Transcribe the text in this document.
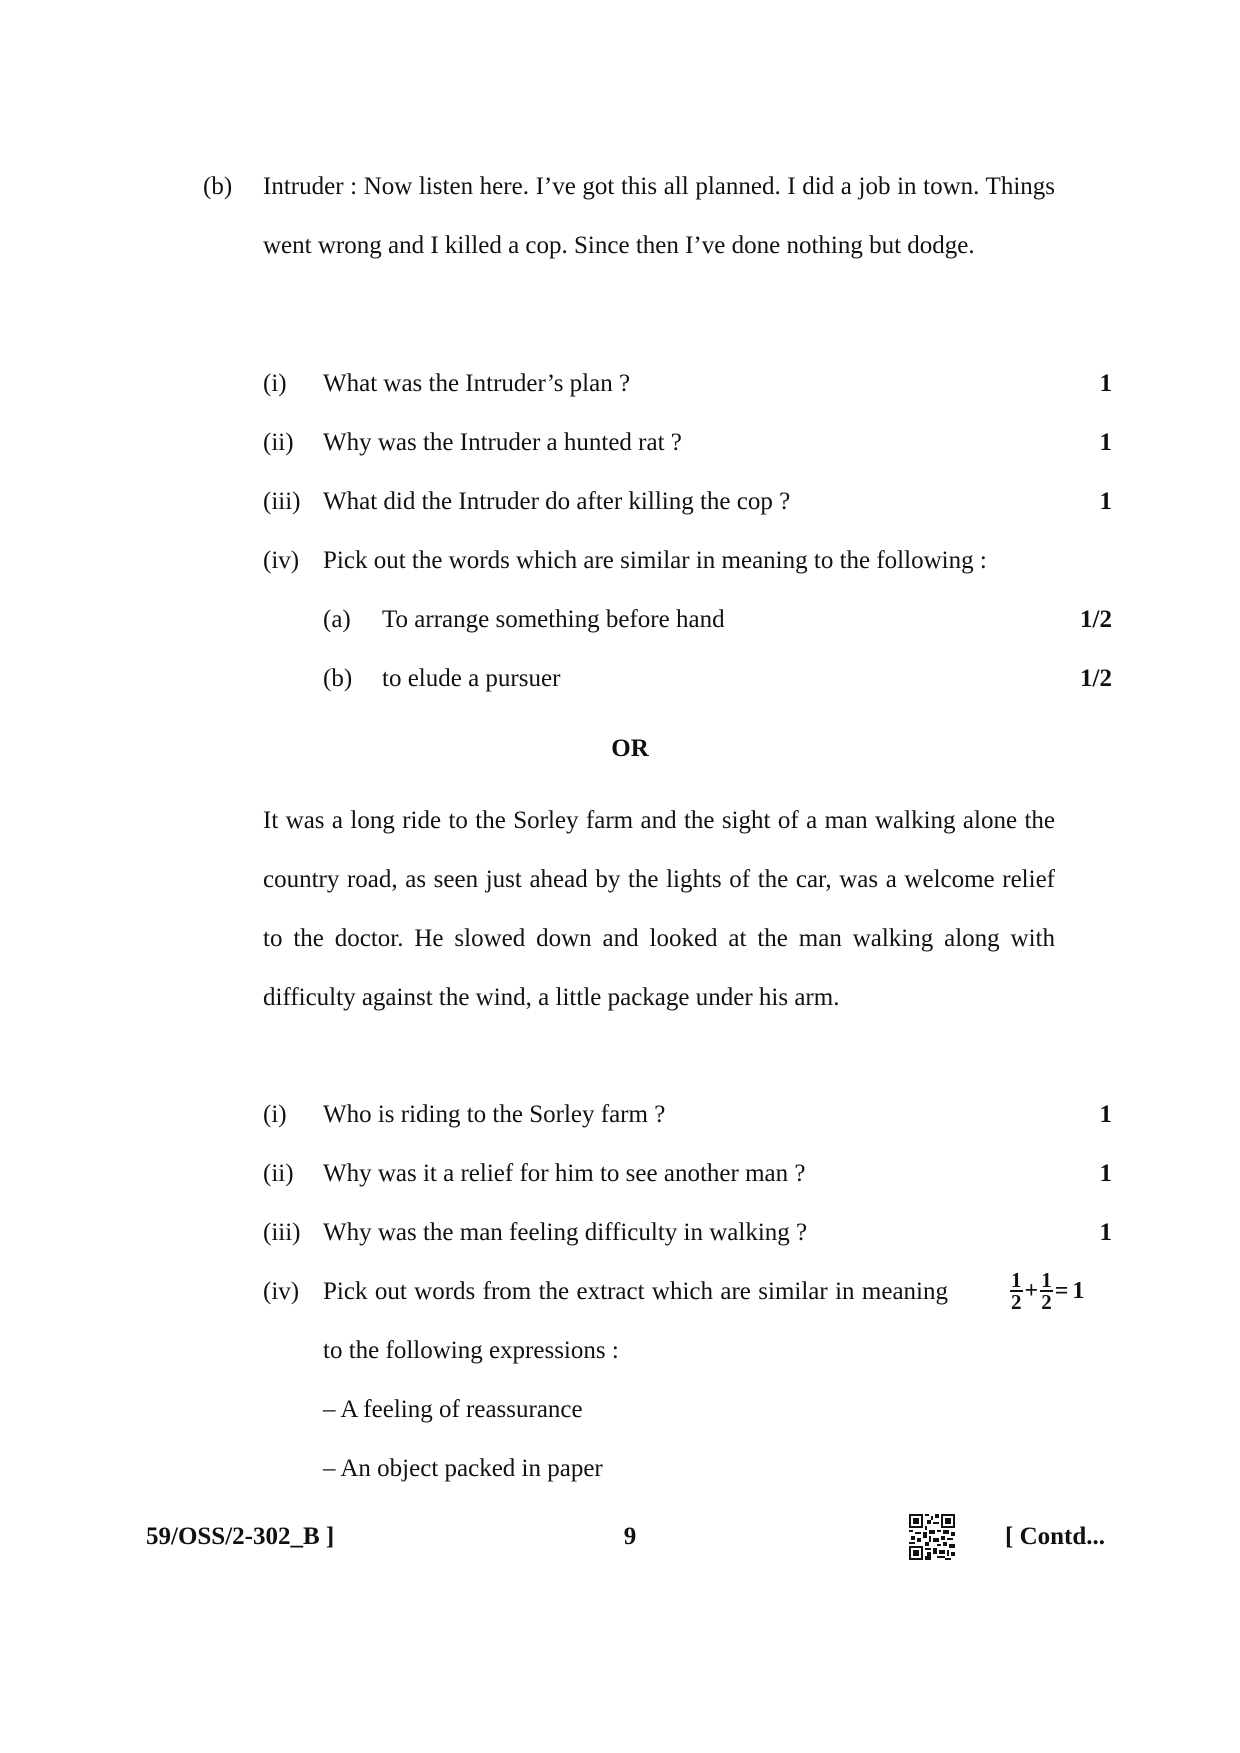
(b) Intruder : Now listen here. I’ve got this all planned. I did a job in town. Things went wrong and I killed a cop. Since then I’ve done nothing but dodge.
(i) What was the Intruder’s plan ?	1
(ii) Why was the Intruder a hunted rat ?	1
(iii) What did the Intruder do after killing the cop ?	1
(iv) Pick out the words which are similar in meaning to the following :
(a) To arrange something before hand	1/2
(b) to elude a pursuer	1/2
OR
It was a long ride to the Sorley farm and the sight of a man walking alone the country road, as seen just ahead by the lights of the car, was a welcome relief to the doctor. He slowed down and looked at the man walking along with difficulty against the wind, a little package under his arm.
(i) Who is riding to the Sorley farm ?	1
(ii) Why was it a relief for him to see another man ?	1
(iii) Why was the man feeling difficulty in walking ?	1
(iv) Pick out words from the extract which are similar in meaning to the following expressions :
$\frac{1}{2} + \frac{1}{2} = 1$
– A feeling of reassurance
– An object packed in paper
59/OSS/2-302_B ]	9	[ Contd...
